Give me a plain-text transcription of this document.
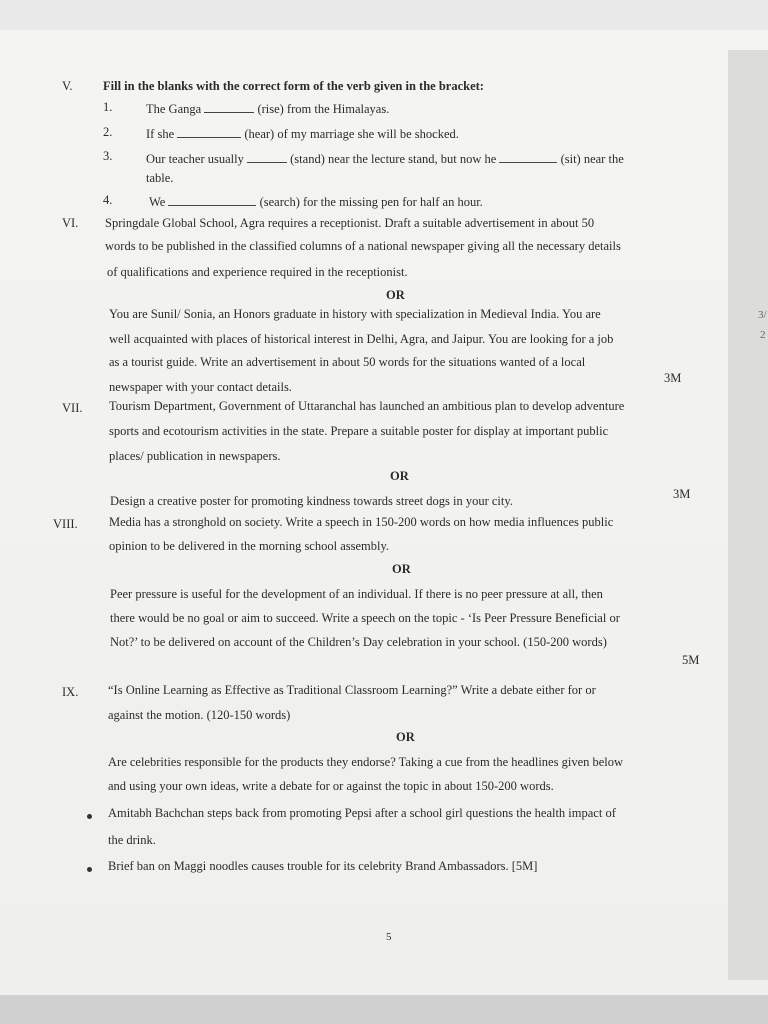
V. Fill in the blanks with the correct form of the verb given in the bracket:
1.	The Ganga	(rise) from the Himalayas.
2.	If she	(hear) of my marriage she will be shocked.
3.	Our teacher usually	(stand) near the lecture stand, but now he	(sit) near the
table.
4.	We	(search) for the missing pen for half an hour.
VI. Springdale Global School, Agra requires a receptionist. Draft a suitable advertisement in about 50
words to be published in the classified columns of a national newspaper giving all the necessary details
of qualifications and experience required in the receptionist.
OR
You are Sunil/ Sonia, an Honors graduate in history with specialization in Medieval India. You are
well acquainted with places of historical interest in Delhi, Agra, and Jaipur. You are looking for a job
as a tourist guide. Write an advertisement in about 50 words for the situations wanted of a local
newspaper with your contact details.
3M
VII. Tourism Department, Government of Uttaranchal has launched an ambitious plan to develop adventure
sports and ecotourism activities in the state. Prepare a suitable poster for display at important public
places/ publication in newspapers.
OR
Design a creative poster for promoting kindness towards street dogs in your city.	3M
VIII.	Media has a stronghold on society. Write a speech in 150-200 words on how media influences public
opinion to be delivered in the morning school assembly.
OR
Peer pressure is useful for the development of an individual. If there is no peer pressure at all, then
there would be no goal or aim to succeed. Write a speech on the topic - ‘Is Peer Pressure Beneficial or
Not?’ to be delivered on account of the Children’s Day celebration in your school. (150-200 words)
5M
IX. “Is Online Learning as Effective as Traditional Classroom Learning?” Write a debate either for or
against the motion. (120-150 words)
OR
Are celebrities responsible for the products they endorse? Taking a cue from the headlines given below
and using your own ideas, write a debate for or against the topic in about 150-200 words.
Amitabh Bachchan steps back from promoting Pepsi after a school girl questions the health impact of
the drink.
Brief ban on Maggi noodles causes trouble for its celebrity Brand Ambassadors. [5M]
5
3/
2
